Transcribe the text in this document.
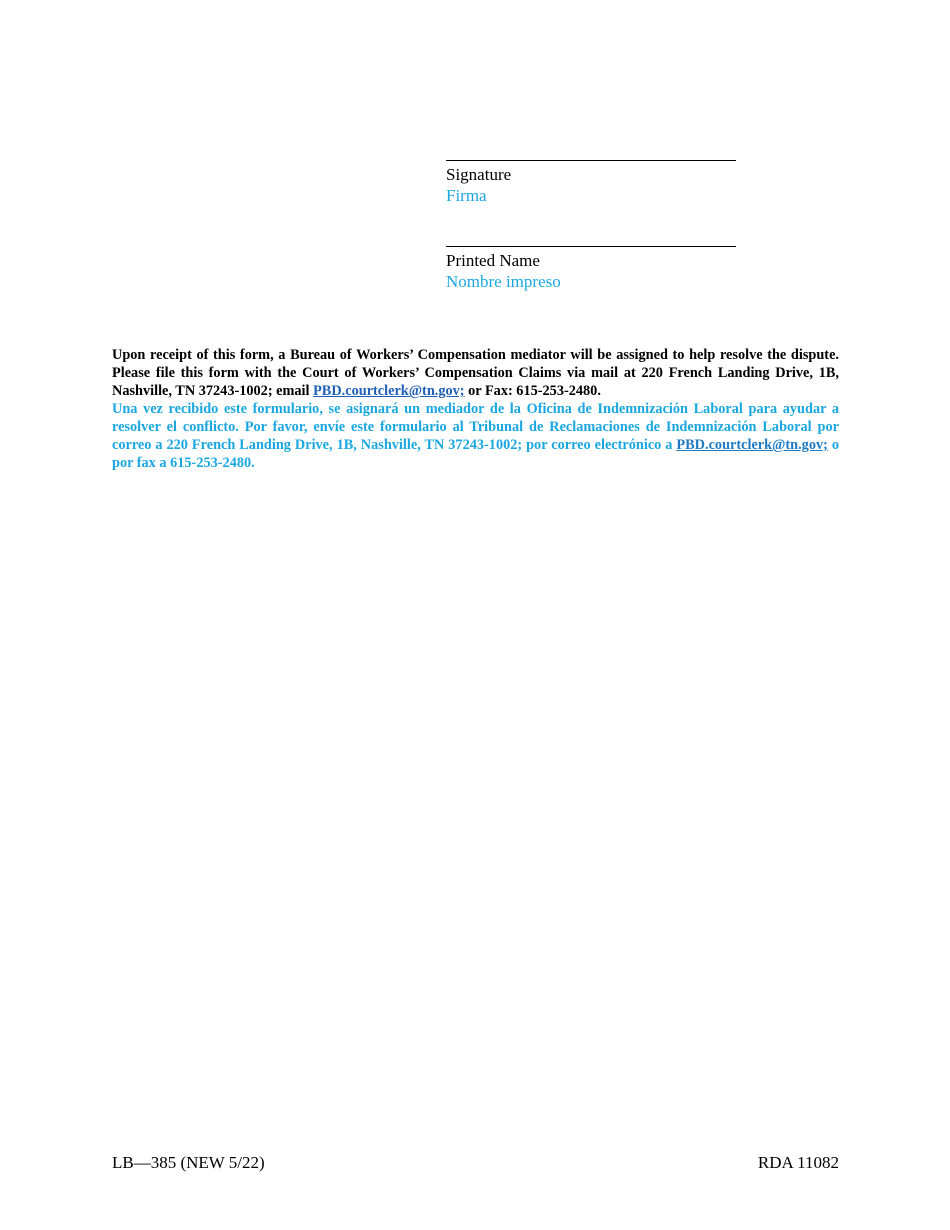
Signature

Firma

Printed Name

Nombre impreso

Upon receipt of this form, a Bureau of Workers’ Compensation mediator will be assigned to help resolve the dispute. Please file this form with the Court of Workers’ Compensation Claims via mail at 220 French Landing Drive, 1B, Nashville, TN 37243-1002; email PBD.courtclerk@tn.gov; or Fax: 615-253-2480.

Una vez recibido este formulario, se asignará un mediador de la Oficina de Indemnización Laboral para ayudar a resolver el conflicto. Por favor, envíe este formulario al Tribunal de Reclamaciones de Indemnización Laboral por correo a 220 French Landing Drive, 1B, Nashville, TN 37243-1002; por correo electrónico a PBD.courtclerk@tn.gov; o por fax a 615-253-2480.

LB—385 (NEW 5/22)	RDA 11082
